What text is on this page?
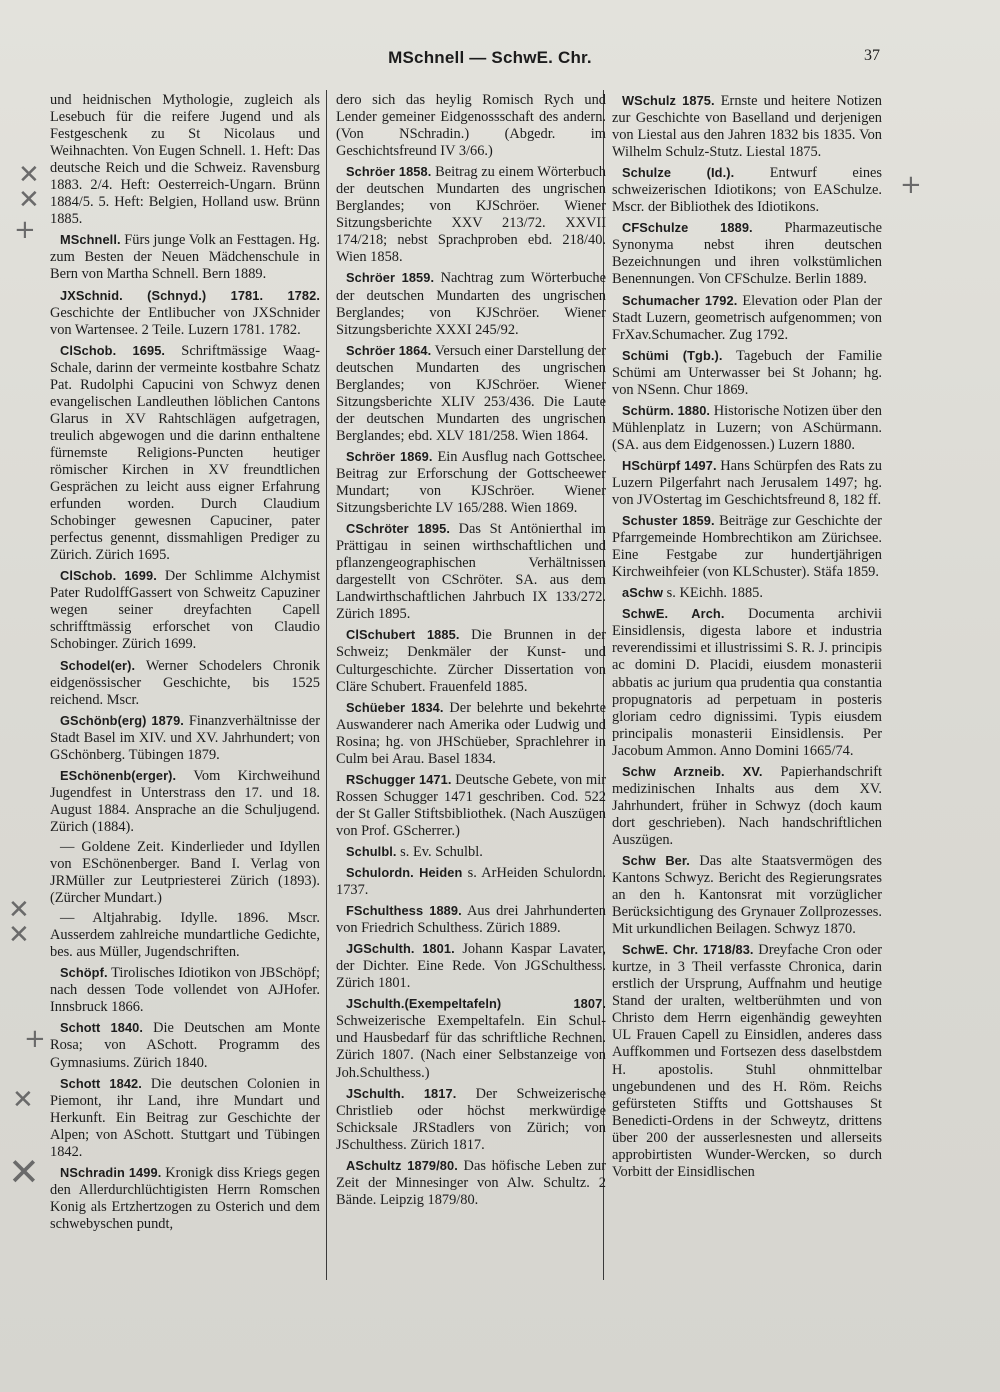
MSchnell — SchwE. Chr.	37

und heidnischen Mythologie, zugleich als Lesebuch für die reifere Jugend und als Festgeschenk zu St Nicolaus und Weihnachten. Von Eugen Schnell. 1. Heft: Das deutsche Reich und die Schweiz. Ravensburg 1883. 2/4. Heft: Oesterreich-Ungarn. Brünn 1884/5. 5. Heft: Belgien, Holland usw. Brünn 1885.

MSchnell. Fürs junge Volk an Festtagen. Hg. zum Besten der Neuen Mädchenschule in Bern von Martha Schnell. Bern 1889.

JXSchnid. (Schnyd.) 1781. 1782. Geschichte der Entlibucher von JXSchnider von Wartensee. 2 Teile. Luzern 1781. 1782.

ClSchob. 1695. Schriftmässige Waag-Schale, darinn der vermeinte kostbahre Schatz Pat. Rudolphi Capucini von Schwyz denen evangelischen Landleuthen löblichen Cantons Glarus in XV Rahtschlägen aufgetragen, treulich abgewogen und die darinn enthaltene fürnemste Religions-Puncten heutiger römischer Kirchen in XV freundtlichen Gesprächen zu leicht auss eigner Erfahrung erfunden worden. Durch Claudium Schobinger gewesnen Capuciner, pater perfectus genennt, dissmahligen Prediger zu Zürich. Zürich 1695.

ClSchob. 1699. Der Schlimme Alchymist Pater RudolffGassert von Schweitz Capuziner wegen seiner dreyfachten Capell schrifftmässig erforschet von Claudio Schobinger. Zürich 1699.

Schodel(er). Werner Schodelers Chronik eidgenössischer Geschichte, bis 1525 reichend. Mscr.

GSchönb(erg) 1879. Finanzverhältnisse der Stadt Basel im XIV. und XV. Jahrhundert; von GSchönberg. Tübingen 1879.

ESchönenb(erger). Vom Kirchweihund Jugendfest in Unterstrass den 17. und 18. August 1884. Ansprache an die Schuljugend. Zürich (1884).

— Goldene Zeit. Kinderlieder und Idyllen von ESchönenberger. Band I. Verlag von JRMüller zur Leutpriesterei Zürich (1893). (Zürcher Mundart.)

— Altjahrabig. Idylle. 1896. Mscr. Ausserdem zahlreiche mundartliche Gedichte, bes. aus Müller, Jugendschriften.

Schöpf. Tirolisches Idiotikon von JBSchöpf; nach dessen Tode vollendet von AJHofer. Innsbruck 1866.

Schott 1840. Die Deutschen am Monte Rosa; von ASchott. Programm des Gymnasiums. Zürich 1840.

Schott 1842. Die deutschen Colonien in Piemont, ihr Land, ihre Mundart und Herkunft. Ein Beitrag zur Geschichte der Alpen; von ASchott. Stuttgart und Tübingen 1842.

NSchradin 1499. Kronigk diss Kriegs gegen den Allerdurchlüchtigisten Herrn Romschen Konig als Ertzhertzogen zu Osterich und dem schwebyschen pundt,

dero sich das heylig Romisch Rych und Lender gemeiner Eidgenossschaft des andern. (Von NSchradin.) (Abgedr. im Geschichtsfreund IV 3/66.)

Schröer 1858. Beitrag zu einem Wörterbuch der deutschen Mundarten des ungrischen Berglandes; von KJSchröer. Wiener Sitzungsberichte XXV 213/72. XXVII 174/218; nebst Sprachproben ebd. 218/40. Wien 1858.

Schröer 1859. Nachtrag zum Wörterbuche der deutschen Mundarten des ungrischen Berglandes; von KJSchröer. Wiener Sitzungsberichte XXXI 245/92.

Schröer 1864. Versuch einer Darstellung der deutschen Mundarten des ungrischen Berglandes; von KJSchröer. Wiener Sitzungsberichte XLIV 253/436. Die Laute der deutschen Mundarten des ungrischen Berglandes; ebd. XLV 181/258. Wien 1864.

Schröer 1869. Ein Ausflug nach Gottschee. Beitrag zur Erforschung der Gottscheewer Mundart; von KJSchröer. Wiener Sitzungsberichte LV 165/288. Wien 1869.

CSchröter 1895. Das St Antönierthal im Prättigau in seinen wirthschaftlichen und pflanzengeographischen Verhältnissen dargestellt von CSchröter. SA. aus dem Landwirthschaftlichen Jahrbuch IX 133/272. Zürich 1895.

ClSchubert 1885. Die Brunnen in der Schweiz; Denkmäler der Kunst- und Culturgeschichte. Zürcher Dissertation von Cläre Schubert. Frauenfeld 1885.

Schüeber 1834. Der belehrte und bekehrte Auswanderer nach Amerika oder Ludwig und Rosina; hg. von JHSchüeber, Sprachlehrer in Culm bei Arau. Basel 1834.

RSchugger 1471. Deutsche Gebete, von mir Rossen Schugger 1471 geschriben. Cod. 522 der St Galler Stiftsbibliothek. (Nach Auszügen von Prof. GScherrer.)

Schulbl. s. Ev. Schulbl.

Schulordn. Heiden s. ArHeiden Schulordn. 1737.

FSchulthess 1889. Aus drei Jahrhunderten von Friedrich Schulthess. Zürich 1889.

JGSchulth. 1801. Johann Kaspar Lavater, der Dichter. Eine Rede. Von JGSchulthess. Zürich 1801.

JSchulth.(Exempeltafeln) 1807. Schweizerische Exempeltafeln. Ein Schul- und Hausbedarf für das schriftliche Rechnen. Zürich 1807. (Nach einer Selbstanzeige von Joh.Schulthess.)

JSchulth. 1817. Der Schweizerische Christlieb oder höchst merkwürdige Schicksale JRStadlers von Zürich; von JSchulthess. Zürich 1817.

ASchultz 1879/80. Das höfische Leben zur Zeit der Minnesinger von Alw. Schultz. 2 Bände. Leipzig 1879/80.

WSchulz 1875. Ernste und heitere Notizen zur Geschichte von Baselland und derjenigen von Liestal aus den Jahren 1832 bis 1835. Von Wilhelm Schulz-Stutz. Liestal 1875.

Schulze (Id.). Entwurf eines schweizerischen Idiotikons; von EASchulze. Mscr. der Bibliothek des Idiotikons.

CFSchulze 1889. Pharmazeutische Synonyma nebst ihren deutschen Bezeichnungen und ihren volkstümlichen Benennungen. Von CFSchulze. Berlin 1889.

Schumacher 1792. Elevation oder Plan der Stadt Luzern, geometrisch aufgenommen; von FrXav.Schumacher. Zug 1792.

Schümi (Tgb.). Tagebuch der Familie Schümi am Unterwasser bei St Johann; hg. von NSenn. Chur 1869.

Schürm. 1880. Historische Notizen über den Mühlenplatz in Luzern; von ASchürmann. (SA. aus dem Eidgenossen.) Luzern 1880.

HSchürpf 1497. Hans Schürpfen des Rats zu Luzern Pilgerfahrt nach Jerusalem 1497; hg. von JVOstertag im Geschichtsfreund 8, 182 ff.

Schuster 1859. Beiträge zur Geschichte der Pfarrgemeinde Hombrechtikon am Zürichsee. Eine Festgabe zur hundertjährigen Kirchweihfeier (von KLSchuster). Stäfa 1859.

aSchw s. KEichh. 1885.

SchwE. Arch. Documenta archivii Einsidlensis, digesta labore et industria reverendissimi et illustrissimi S. R. J. principis ac domini D. Placidi, eiusdem monasterii abbatis ac jurium qua prudentia qua constantia propugnatoris ad perpetuam in posteris gloriam cedro dignissimi. Typis eiusdem principalis monasterii Einsidlensis. Per Jacobum Ammon. Anno Domini 1665/74.

Schw Arzneib. XV. Papierhandschrift medizinischen Inhalts aus dem XV. Jahrhundert, früher in Schwyz (doch kaum dort geschrieben). Nach handschriftlichen Auszügen.

Schw Ber. Das alte Staatsvermögen des Kantons Schwyz. Bericht des Regierungsrates an den h. Kantonsrat mit vorzüglicher Berücksichtigung des Grynauer Zollprozesses. Mit urkundlichen Beilagen. Schwyz 1870.

SchwE. Chr. 1718/83. Dreyfache Cron oder kurtze, in 3 Theil verfasste Chronica, darin erstlich der Ursprung, Auffnahm und heutige Stand der uralten, weltberühmten und von Christo dem Herrn eigenhändig geweyhten UL Frauen Capell zu Einsidlen, anderes dass Auffkommen und Fortsezen dess daselbstdem H. apostolis. Stuhl ohnmittelbar ungebundenen und des H. Röm. Reichs gefürsteten Stiffts und Gottshauses St Benedicti-Ordens in der Schweytz, drittens über 200 der ausserlesnesten und allerseits approbirtisten Wunder-Wercken, so durch Vorbitt der Einsidlischen

✕
✕
+
✕
✕
+
✕
✕
+
